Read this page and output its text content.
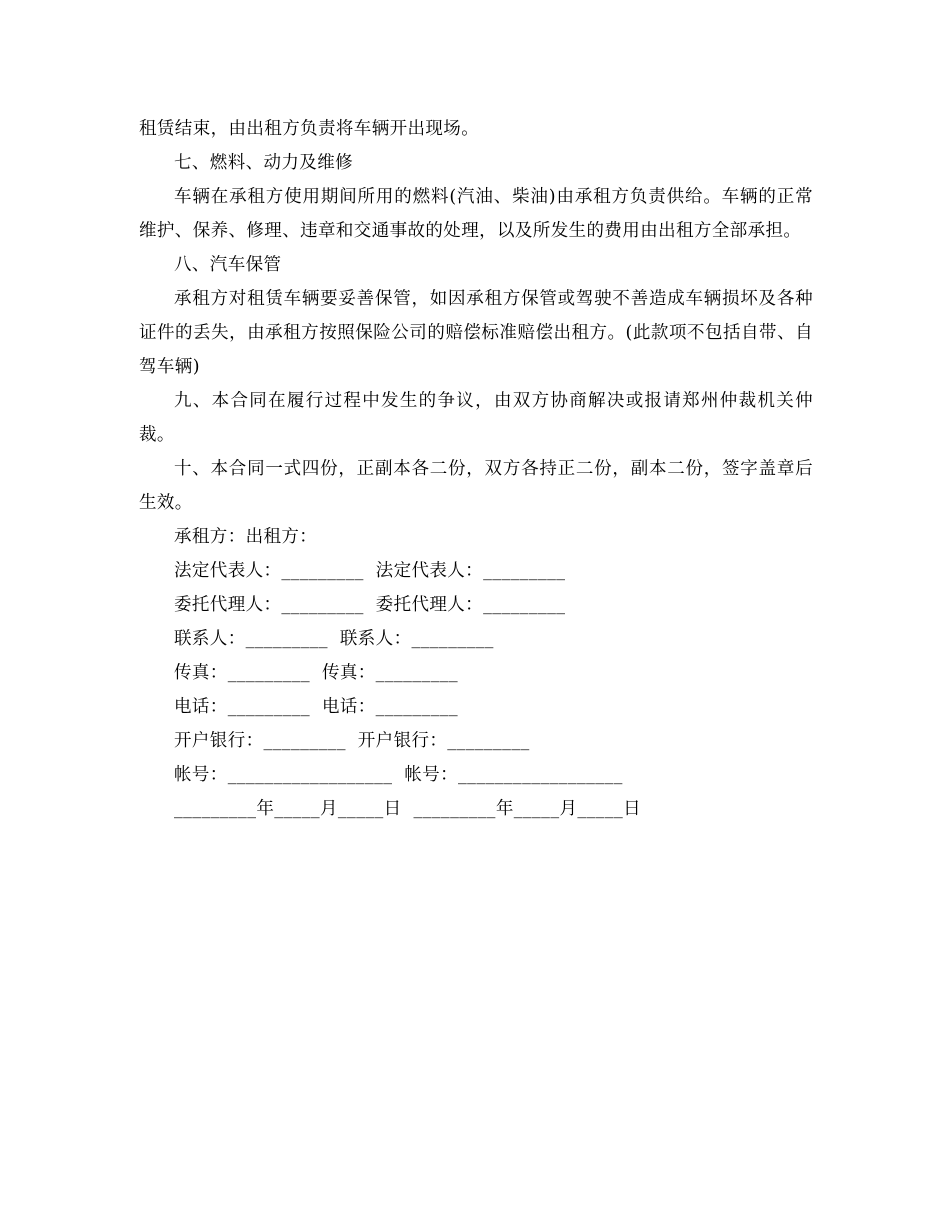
租赁结束，由出租方负责将车辆开出现场。

七、燃料、动力及维修

车辆在承租方使用期间所用的燃料(汽油、柴油)由承租方负责供给。车辆的正常维护、保养、修理、违章和交通事故的处理，以及所发生的费用由出租方全部承担。

八、汽车保管

承租方对租赁车辆要妥善保管，如因承租方保管或驾驶不善造成车辆损坏及各种证件的丢失，由承租方按照保险公司的赔偿标准赔偿出租方。(此款项不包括自带、自驾车辆)

九、本合同在履行过程中发生的争议，由双方协商解决或报请郑州仲裁机关仲裁。

十、本合同一式四份，正副本各二份，双方各持正二份，副本二份，签字盖章后生效。

承租方：出租方：
法定代表人：_________  法定代表人：_________
委托代理人：_________  委托代理人：_________
联系人：_________  联系人：_________
传真：_________  传真：_________
电话：_________  电话：_________
开户银行：_________  开户银行：_________
帐号：__________________  帐号：__________________
_________年_____月_____日  _________年_____月_____日
